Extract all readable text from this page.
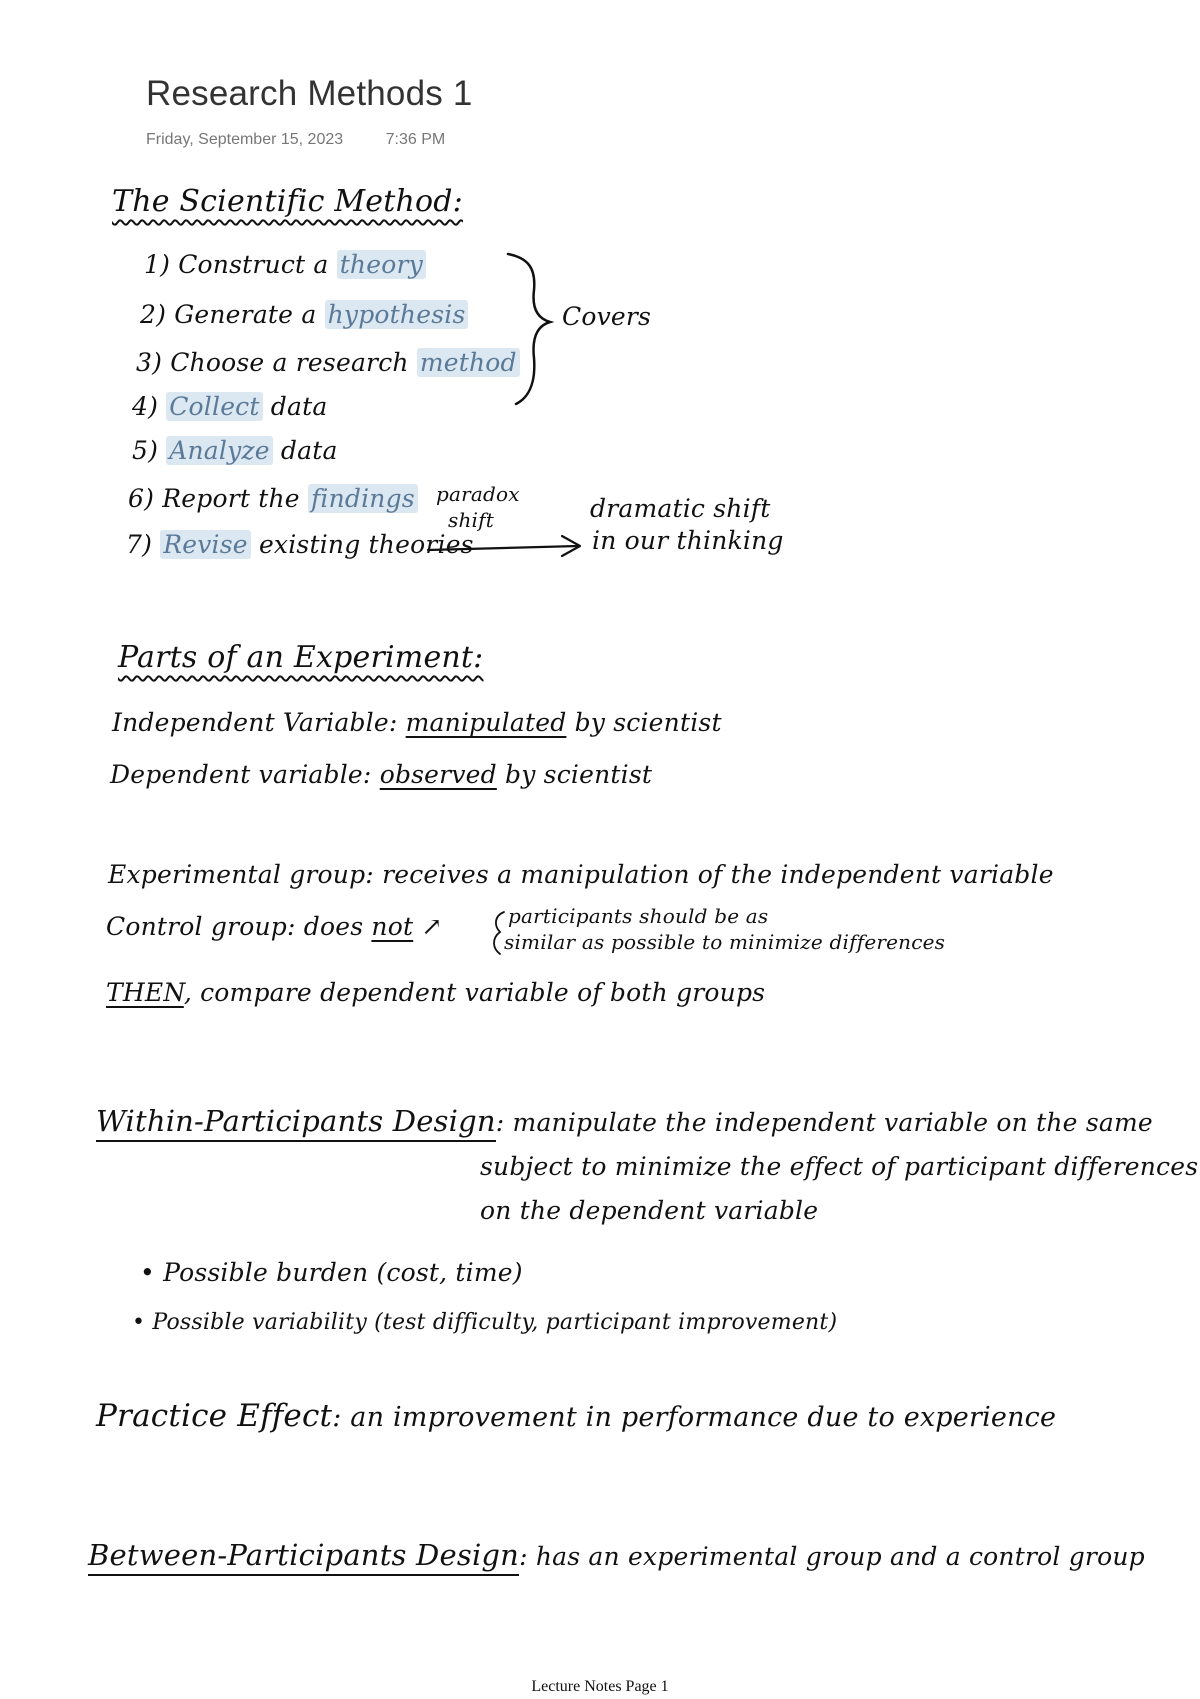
Research Methods 1
Friday, September 15, 2023	7:36 PM
The Scientific Method:
1) Construct a theory
2) Generate a hypothesis
3) Choose a research method
4) Collect data
5) Analyze data
6) Report the findings
7) Revise existing theories
Covers
paradox
shift	dramatic shift
in our thinking
Parts of an Experiment:
Independent Variable: manipulated by scientist
Dependent variable: observed by scientist
Experimental group: receives a manipulation of the independent variable
Control group: does not ↗	participants should be as
similar as possible to minimize differences
THEN, compare dependent variable of both groups
Within-Participants Design: manipulate the independent variable on the same
subject to minimize the effect of participant differences
on the dependent variable
• Possible burden (cost, time)
• Possible variability (test difficulty, participant improvement)
Practice Effect: an improvement in performance due to experience
Between-Participants Design: has an experimental group and a control group
Lecture Notes Page 1
